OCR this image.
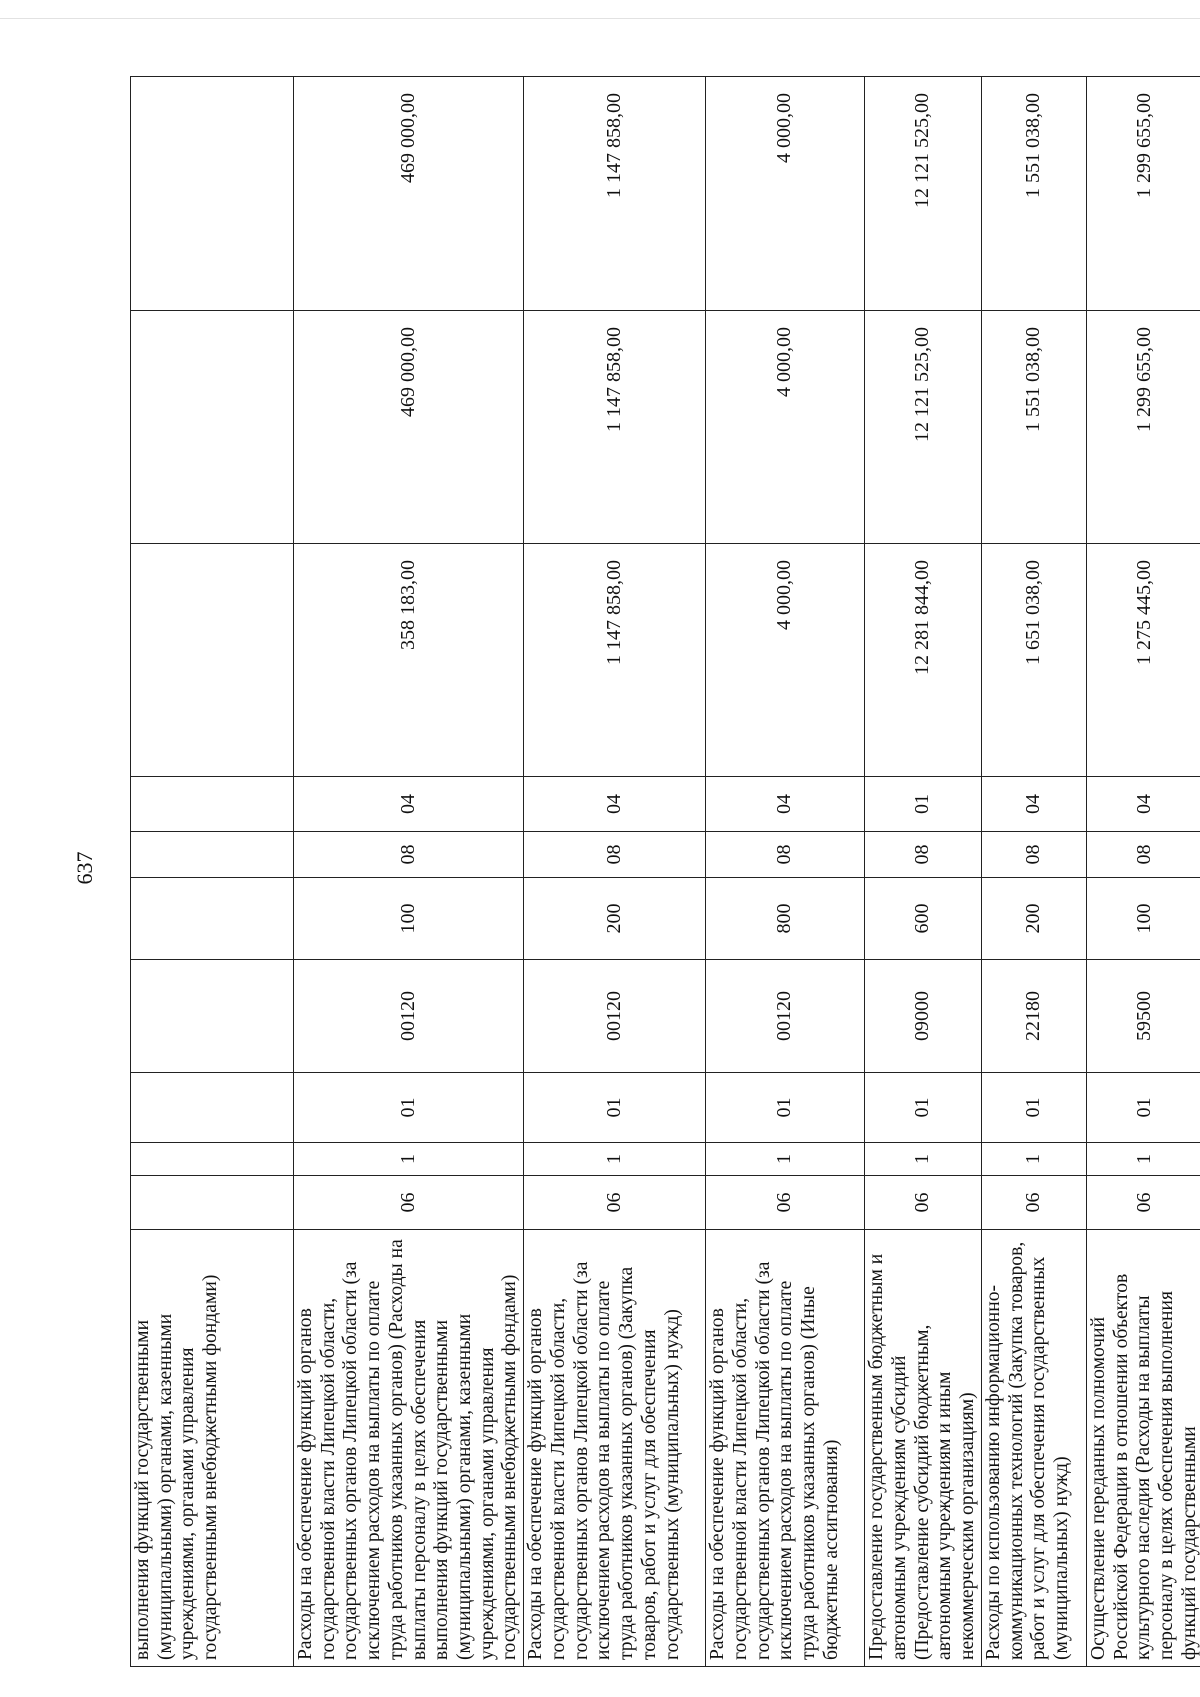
637
выполнения функций государственными (муниципальными) органами, казенными учреждениями, органами управления государственными внебюджетными фондами)										
Расходы на обеспечение функций органов государственной власти Липецкой области, государственных органов Липецкой области (за исключением расходов на выплаты по оплате труда работников указанных органов) (Расходы на выплаты персоналу в целях обеспечения выполнения функций государственными (муниципальными) органами, казенными учреждениями, органами управления государственными внебюджетными фондами)	06	1	01	00120	100	08	04	358 183,00	469 000,00	469 000,00
Расходы на обеспечение функций органов государственной власти Липецкой области, государственных органов Липецкой области (за исключением расходов на выплаты по оплате труда работников указанных органов) (Закупка товаров, работ и услуг для обеспечения государственных (муниципальных) нужд)	06	1	01	00120	200	08	04	1 147 858,00	1 147 858,00	1 147 858,00
Расходы на обеспечение функций органов государственной власти Липецкой области, государственных органов Липецкой области (за исключением расходов на выплаты по оплате труда работников указанных органов) (Иные бюджетные ассигнования)	06	1	01	00120	800	08	04	4 000,00	4 000,00	4 000,00
Предоставление государственным бюджетным и автономным учреждениям субсидий (Предоставление субсидий бюджетным, автономным учреждениям и иным некоммерческим организациям)	06	1	01	09000	600	08	01	12 281 844,00	12 121 525,00	12 121 525,00
Расходы по использованию информационно-коммуникационных технологий (Закупка товаров, работ и услуг для обеспечения государственных (муниципальных) нужд)	06	1	01	22180	200	08	04	1 651 038,00	1 551 038,00	1 551 038,00
Осуществление переданных полномочий Российской Федерации в отношении объектов культурного наследия (Расходы на выплаты персоналу в целях обеспечения выполнения функций государственными	06	1	01	59500	100	08	04	1 275 445,00	1 299 655,00	1 299 655,00
